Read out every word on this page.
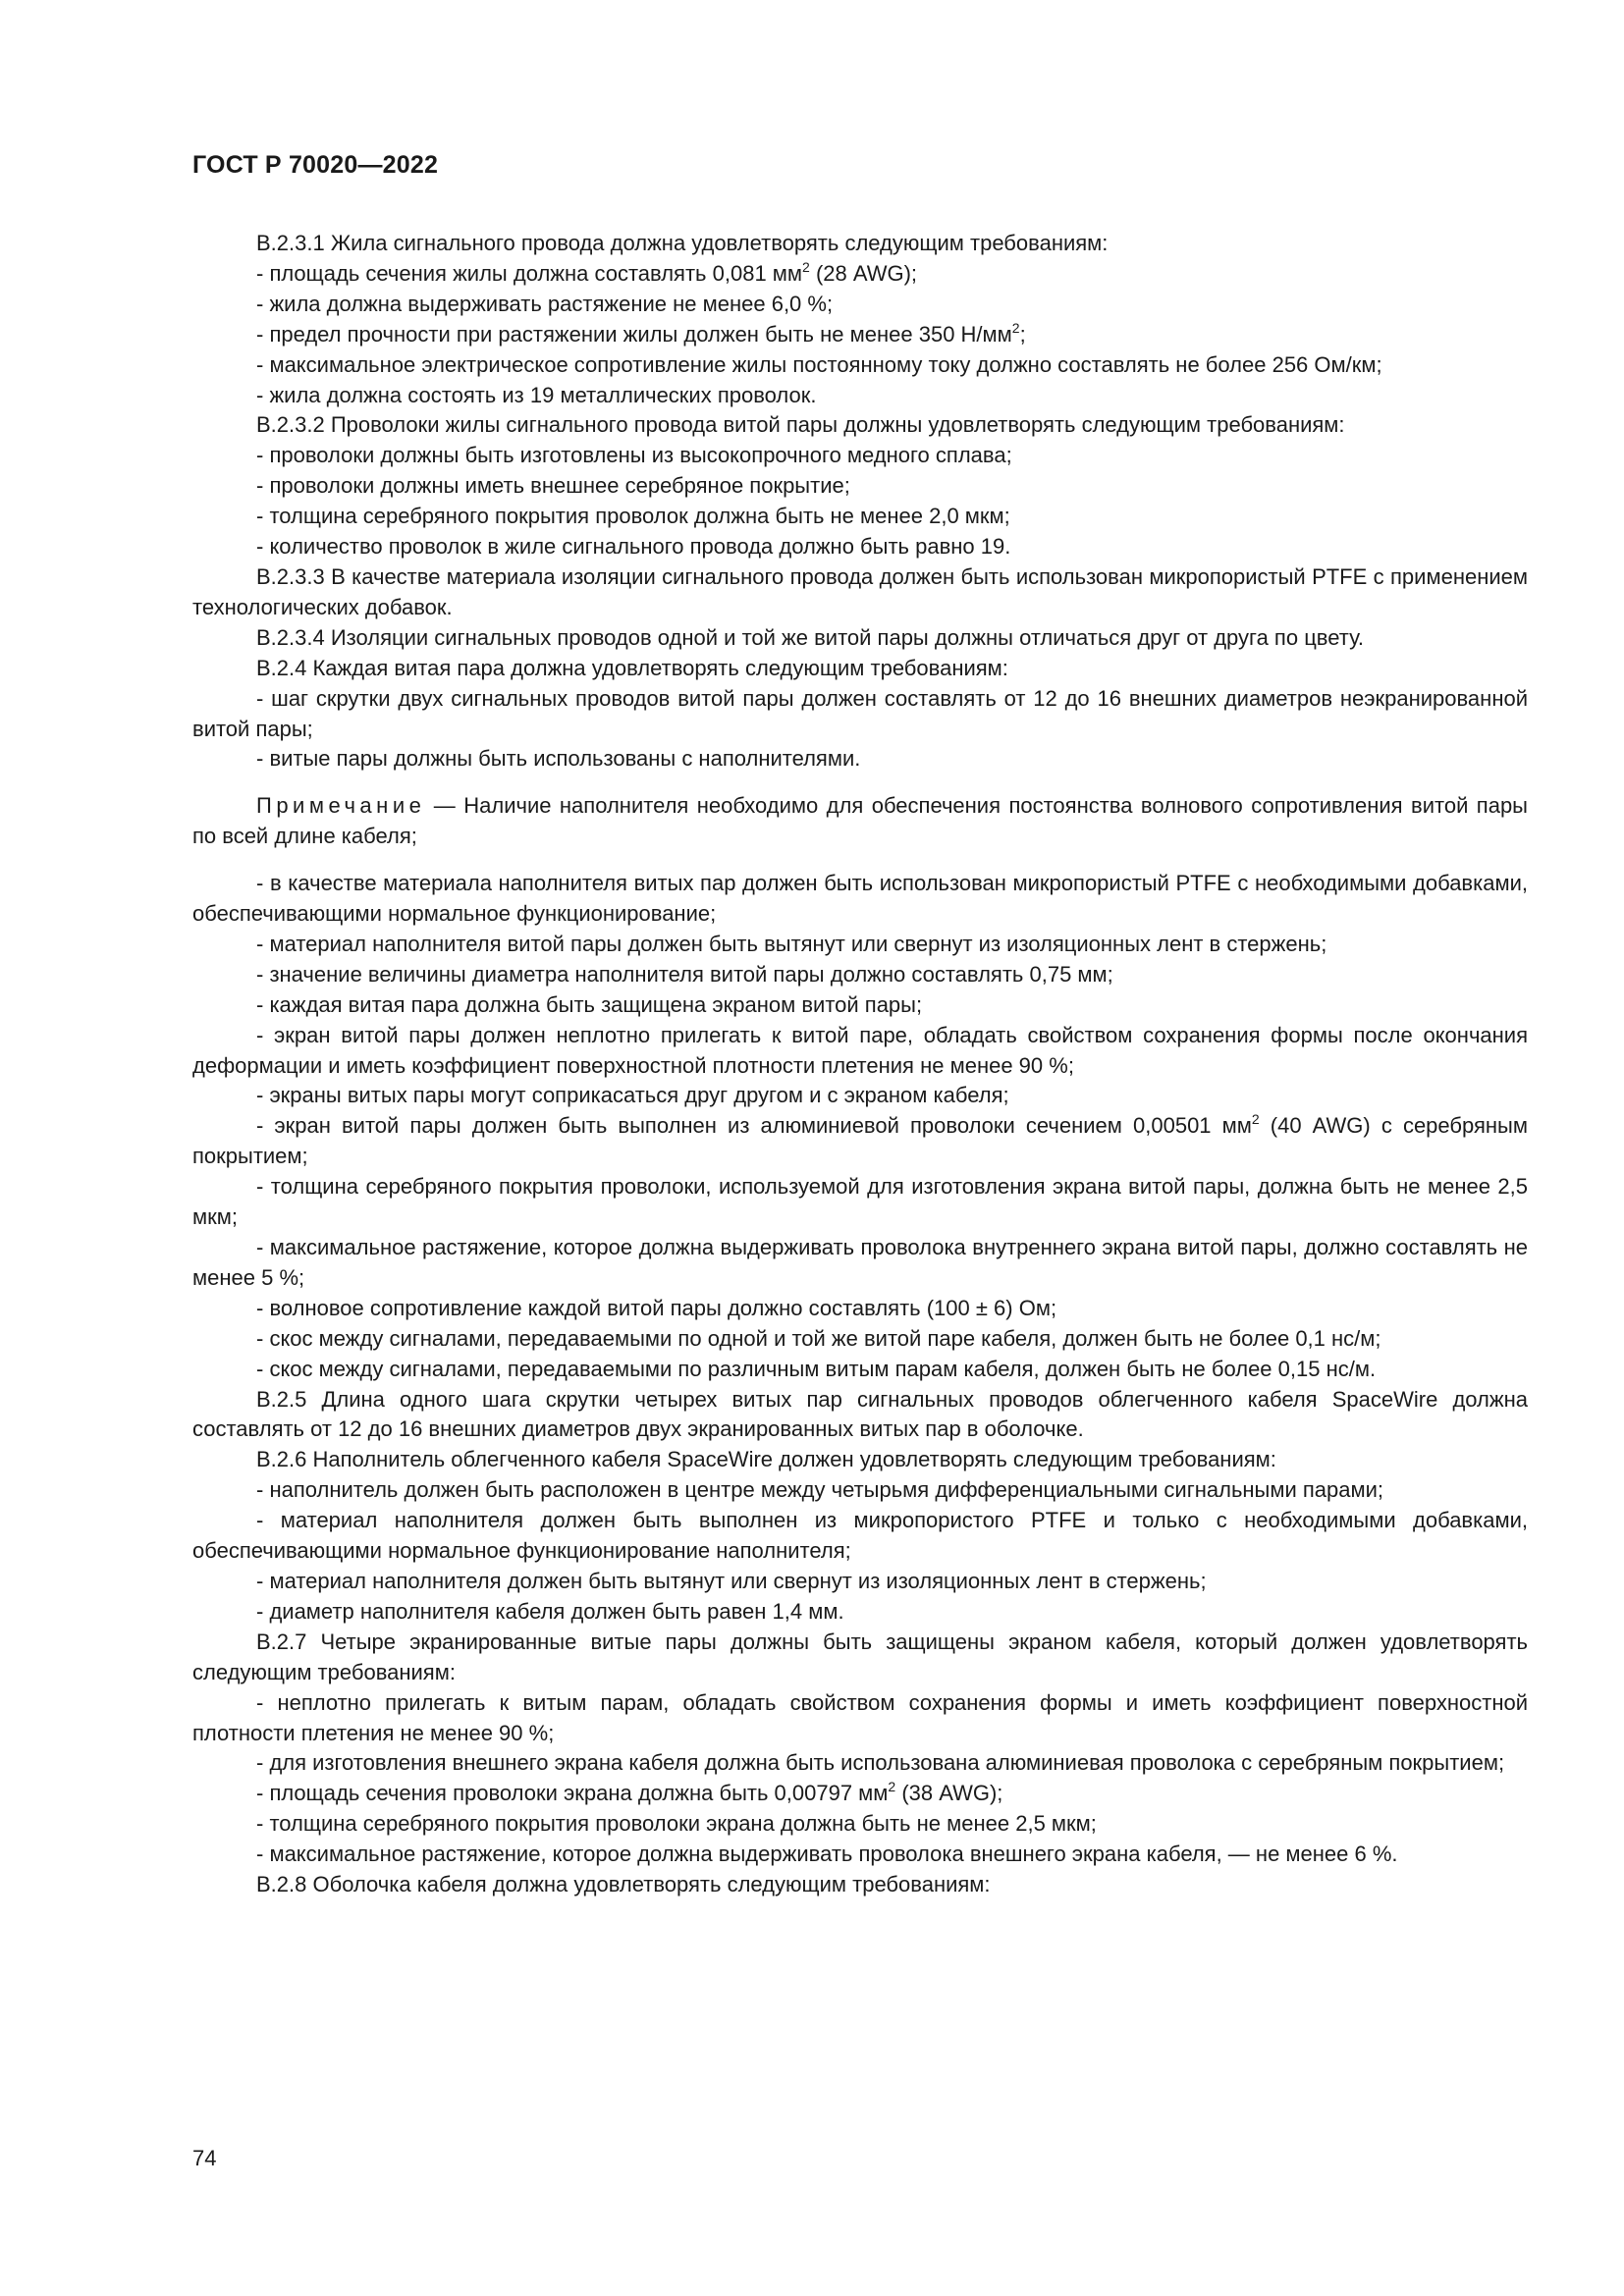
ГОСТ Р 70020—2022

В.2.3.1 Жила сигнального провода должна удовлетворять следующим требованиям:

- площадь сечения жилы должна составлять 0,081 $мм^2$ (28 AWG);

- жила должна выдерживать растяжение не менее 6,0 %;

- предел прочности при растяжении жилы должен быть не менее 350 $Н/мм^2$;

- максимальное электрическое сопротивление жилы постоянному току должно составлять не более 256 Ом/км;

- жила должна состоять из 19 металлических проволок.

В.2.3.2 Проволоки жилы сигнального провода витой пары должны удовлетворять следующим требованиям:

- проволоки должны быть изготовлены из высокопрочного медного сплава;

- проволоки должны иметь внешнее серебряное покрытие;

- толщина серебряного покрытия проволок должна быть не менее 2,0 мкм;

- количество проволок в жиле сигнального провода должно быть равно 19.

В.2.3.3 В качестве материала изоляции сигнального провода должен быть использован микропористый PTFE с применением технологических добавок.

В.2.3.4 Изоляции сигнальных проводов одной и той же витой пары должны отличаться друг от друга по цвету.

В.2.4 Каждая витая пара должна удовлетворять следующим требованиям:

- шаг скрутки двух сигнальных проводов витой пары должен составлять от 12 до 16 внешних диаметров неэкранированной витой пары;

- витые пары должны быть использованы с наполнителями.

Примечание — Наличие наполнителя необходимо для обеспечения постоянства волнового сопротивления витой пары по всей длине кабеля;

- в качестве материала наполнителя витых пар должен быть использован микропористый PTFE с необходимыми добавками, обеспечивающими нормальное функционирование;

- материал наполнителя витой пары должен быть вытянут или свернут из изоляционных лент в стержень;

- значение величины диаметра наполнителя витой пары должно составлять 0,75 мм;

- каждая витая пара должна быть защищена экраном витой пары;

- экран витой пары должен неплотно прилегать к витой паре, обладать свойством сохранения формы после окончания деформации и иметь коэффициент поверхностной плотности плетения не менее 90 %;

- экраны витых пары могут соприкасаться друг другом и с экраном кабеля;

- экран витой пары должен быть выполнен из алюминиевой проволоки сечением 0,00501 $мм^2$ (40 AWG) с серебряным покрытием;

- толщина серебряного покрытия проволоки, используемой для изготовления экрана витой пары, должна быть не менее 2,5 мкм;

- максимальное растяжение, которое должна выдерживать проволока внутреннего экрана витой пары, должно составлять не менее 5 %;

- волновое сопротивление каждой витой пары должно составлять (100 ± 6) Ом;

- скос между сигналами, передаваемыми по одной и той же витой паре кабеля, должен быть не более 0,1 нс/м;

- скос между сигналами, передаваемыми по различным витым парам кабеля, должен быть не более 0,15 нс/м.

В.2.5 Длина одного шага скрутки четырех витых пар сигнальных проводов облегченного кабеля SpaceWire должна составлять от 12 до 16 внешних диаметров двух экранированных витых пар в оболочке.

В.2.6 Наполнитель облегченного кабеля SpaceWire должен удовлетворять следующим требованиям:

- наполнитель должен быть расположен в центре между четырьмя дифференциальными сигнальными парами;

- материал наполнителя должен быть выполнен из микропористого PTFE и только с необходимыми добавками, обеспечивающими нормальное функционирование наполнителя;

- материал наполнителя должен быть вытянут или свернут из изоляционных лент в стержень;

- диаметр наполнителя кабеля должен быть равен 1,4 мм.

В.2.7 Четыре экранированные витые пары должны быть защищены экраном кабеля, который должен удовлетворять следующим требованиям:

- неплотно прилегать к витым парам, обладать свойством сохранения формы и иметь коэффициент поверхностной плотности плетения не менее 90 %;

- для изготовления внешнего экрана кабеля должна быть использована алюминиевая проволока с серебряным покрытием;

- площадь сечения проволоки экрана должна быть 0,00797 $мм^2$ (38 AWG);

- толщина серебряного покрытия проволоки экрана должна быть не менее 2,5 мкм;

- максимальное растяжение, которое должна выдерживать проволока внешнего экрана кабеля, — не менее 6 %.

В.2.8 Оболочка кабеля должна удовлетворять следующим требованиям:

74
